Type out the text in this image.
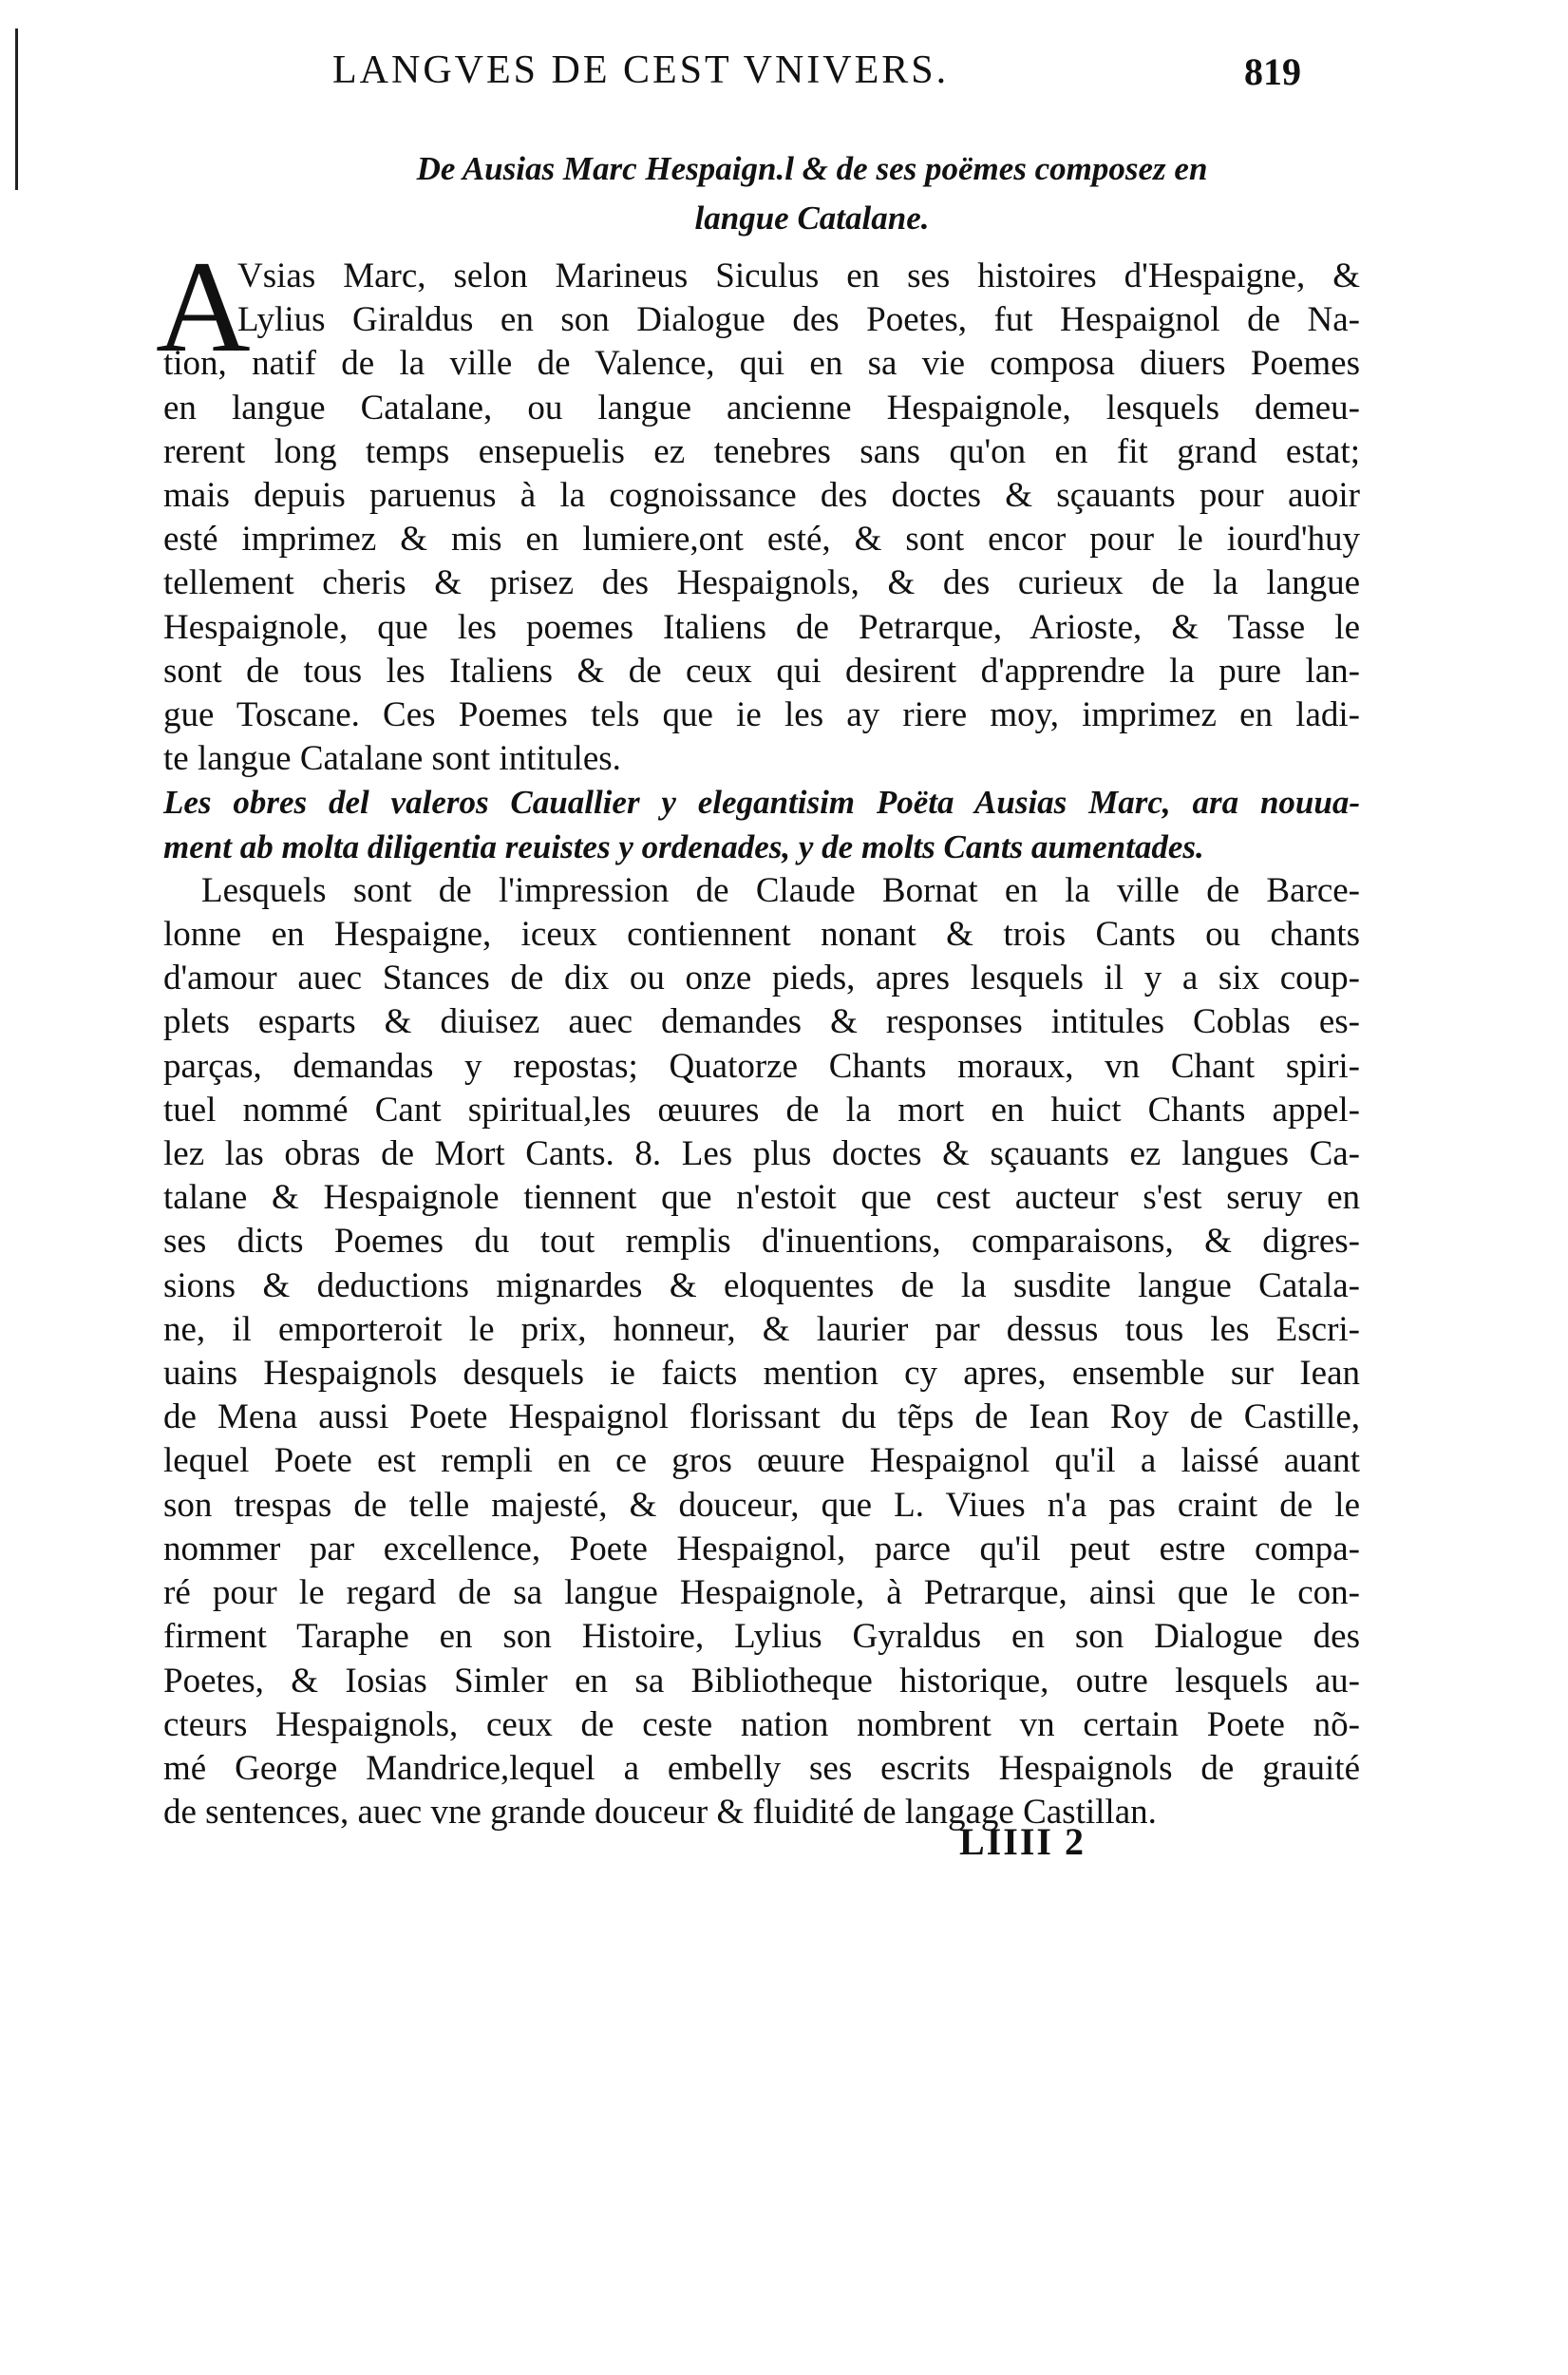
LANGVES DE CEST VNIVERS.	819
De Ausias Marc Hespaign.l & de ses poëmes composez en
langue Catalane.
A
Vsias Marc, selon Marineus Siculus en ses histoires d'Hespaigne, &
Lylius Giraldus en son Dialogue des Poetes, fut Hespaignol de Na-
tion, natif de la ville de Valence, qui en sa vie composa diuers Poemes
en langue Catalane, ou langue ancienne Hespaignole, lesquels demeu-
rerent long temps ensepuelis ez tenebres sans qu'on en fit grand estat;
mais depuis paruenus à la cognoissance des doctes & sçauants pour auoir
esté imprimez & mis en lumiere,ont esté, & sont encor pour le iourd'huy
tellement cheris & prisez des Hespaignols, & des curieux de la langue
Hespaignole, que les poemes Italiens de Petrarque, Arioste, & Tasse le
sont de tous les Italiens & de ceux qui desirent d'apprendre la pure lan-
gue Toscane. Ces Poemes tels que ie les ay riere moy, imprimez en ladi-
te langue Catalane sont intitules.
Les obres del valeros Cauallier y elegantisim Poëta Ausias Marc, ara nouua-
ment ab molta diligentia reuistes y ordenades, y de molts Cants aumentades.
Lesquels sont de l'impression de Claude Bornat en la ville de Barce-
lonne en Hespaigne, iceux contiennent nonant & trois Cants ou chants
d'amour auec Stances de dix ou onze pieds, apres lesquels il y a six coup-
plets esparts & diuisez auec demandes & responses intitules Coblas es-
parças, demandas y repostas; Quatorze Chants moraux, vn Chant spiri-
tuel nommé Cant spiritual,les œuures de la mort en huict Chants appel-
lez las obras de Mort Cants. 8. Les plus doctes & sçauants ez langues Ca-
talane & Hespaignole tiennent que n'estoit que cest aucteur s'est seruy en
ses dicts Poemes du tout remplis d'inuentions, comparaisons, & digres-
sions & deductions mignardes & eloquentes de la susdite langue Catala-
ne, il emporteroit le prix, honneur, & laurier par dessus tous les Escri-
uains Hespaignols desquels ie faicts mention cy apres, ensemble sur Iean
de Mena aussi Poete Hespaignol florissant du tẽps de Iean Roy de Castille,
lequel Poete est rempli en ce gros œuure Hespaignol qu'il a laissé auant
son trespas de telle majesté, & douceur, que L. Viues n'a pas craint de le
nommer par excellence, Poete Hespaignol, parce qu'il peut estre compa-
ré pour le regard de sa langue Hespaignole, à Petrarque, ainsi que le con-
firment Taraphe en son Histoire, Lylius Gyraldus en son Dialogue des
Poetes, & Iosias Simler en sa Bibliotheque historique, outre lesquels au-
cteurs Hespaignols, ceux de ceste nation nombrent vn certain Poete nõ-
mé George Mandrice,lequel a embelly ses escrits Hespaignols de grauité
de sentences, auec vne grande douceur & fluidité de langage Castillan.
LIIII 2
